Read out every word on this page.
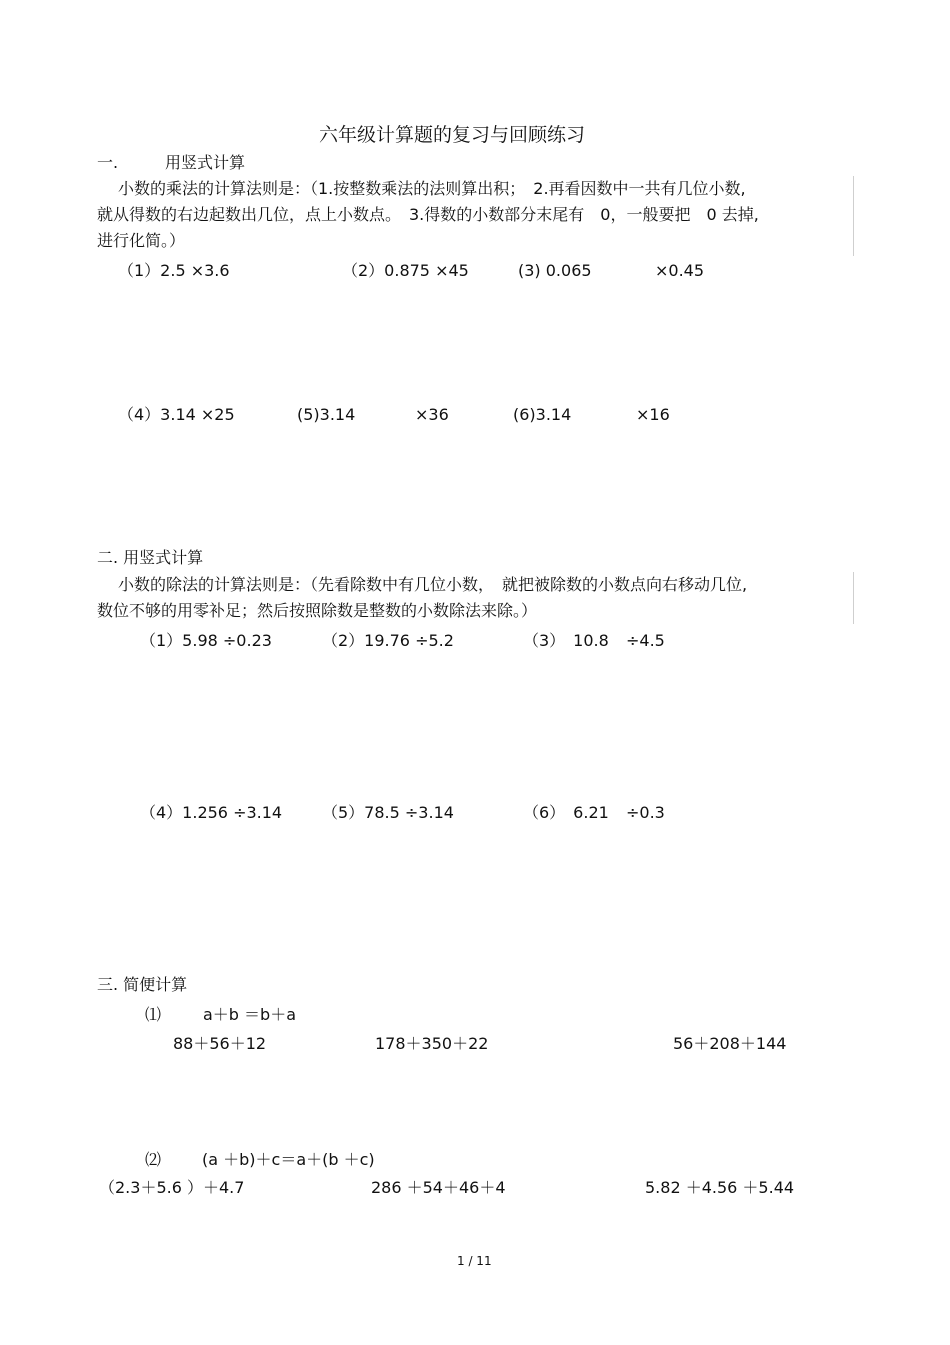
六年级计算题的复习与回顾练习
一.	用竖式计算
小数的乘法的计算法则是：（1.按整数乘法的法则算出积；　2.再看因数中一共有几位小数,
就从得数的右边起数出几位，点上小数点。　3.得数的小数部分末尾有　0，一般要把　0 去掉,
进行化简。）
（1）2.5 ×3.6	（2）0.875 ×45	(3) 0.065	×0.45
（4）3.14 ×25	(5)3.14	×36	(6)3.14	×16
二. 用竖式计算
小数的除法的计算法则是：（先看除数中有几位小数，　就把被除数的小数点向右移动几位,
数位不够的用零补足；然后按照除数是整数的小数除法来除。）
（1）5.98 ÷0.23	（2）19.76 ÷5.2	（3）　10.8 ÷4.5
（4）1.256 ÷3.14 （5）78.5 ÷3.14	（6）　6.21 ÷0.3
三. 简便计算
⑴	a＋b ＝b＋a
88＋56＋12	178＋350＋22	56＋208＋144
⑵	(a ＋b)＋c＝a＋(b ＋c)
（2.3＋5.6 ）＋4.7	286 ＋54＋46＋4	5.82 ＋4.56 ＋5.44
1 / 11
